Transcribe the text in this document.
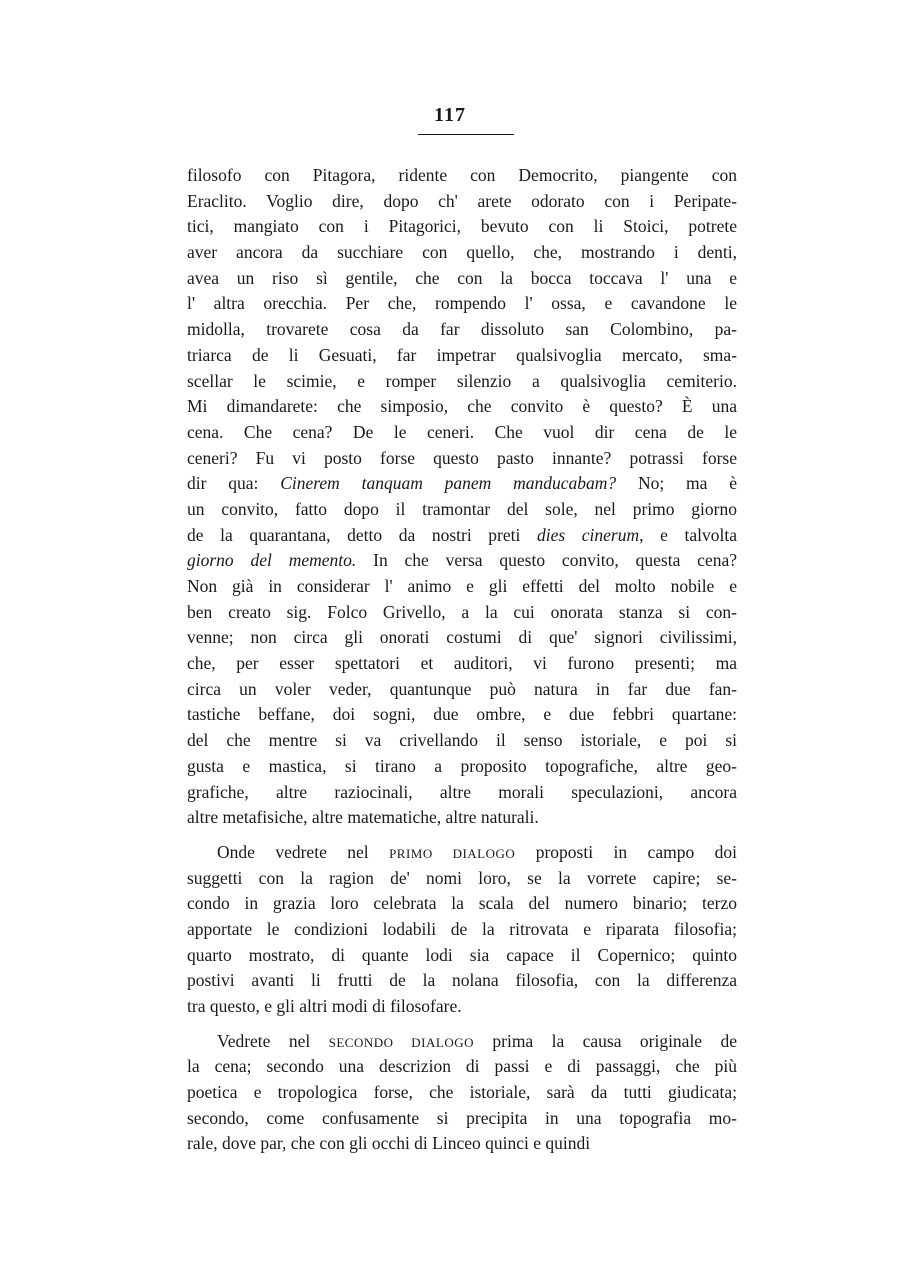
117
filosofo con Pitagora, ridente con Democrito, piangente con
Eraclito. Voglio dire, dopo ch' arete odorato con i Peripate-
tici, mangiato con i Pitagorici, bevuto con li Stoici, potrete
aver ancora da succhiare con quello, che, mostrando i denti,
avea un riso sì gentile, che con la bocca toccava l' una e
l' altra orecchia. Per che, rompendo l' ossa, e cavandone le
midolla, trovarete cosa da far dissoluto san Colombino, pa-
triarca de li Gesuati, far impetrar qualsivoglia mercato, sma-
scellar le scimie, e romper silenzio a qualsivoglia cemiterio.
Mi dimandarete: che simposio, che convito è questo? È una
cena. Che cena? De le ceneri. Che vuol dir cena de le
ceneri? Fu vi posto forse questo pasto innante? potrassi forse
dir qua: Cinerem tanquam panem manducabam? No; ma è
un convito, fatto dopo il tramontar del sole, nel primo giorno
de la quarantana, detto da nostri preti dies cinerum, e talvolta
giorno del memento. In che versa questo convito, questa cena?
Non già in considerar l' animo e gli effetti del molto nobile e
ben creato sig. Folco Grivello, a la cui onorata stanza si con-
venne; non circa gli onorati costumi di que' signori civilissimi,
che, per esser spettatori et auditori, vi furono presenti; ma
circa un voler veder, quantunque può natura in far due fan-
tastiche beffane, doi sogni, due ombre, e due febbri quartane:
del che mentre si va crivellando il senso istoriale, e poi si
gusta e mastica, si tirano a proposito topografiche, altre geo-
grafiche, altre raziocinali, altre morali speculazioni, ancora
altre metafisiche, altre matematiche, altre naturali.
Onde vedrete nel PRIMO DIALOGO proposti in campo doi
suggetti con la ragion de' nomi loro, se la vorrete capire; se-
condo in grazia loro celebrata la scala del numero binario; terzo
apportate le condizioni lodabili de la ritrovata e riparata filosofia;
quarto mostrato, di quante lodi sia capace il Copernico; quinto
postivi avanti li frutti de la nolana filosofia, con la differenza
tra questo, e gli altri modi di filosofare.
Vedrete nel SECONDO DIALOGO prima la causa originale de
la cena; secondo una descrizion di passi e di passaggi, che più
poetica e tropologica forse, che istoriale, sarà da tutti giudicata;
secondo, come confusamente si precipita in una topografia mo-
rale, dove par, che con gli occhi di Linceo quinci e quindi
